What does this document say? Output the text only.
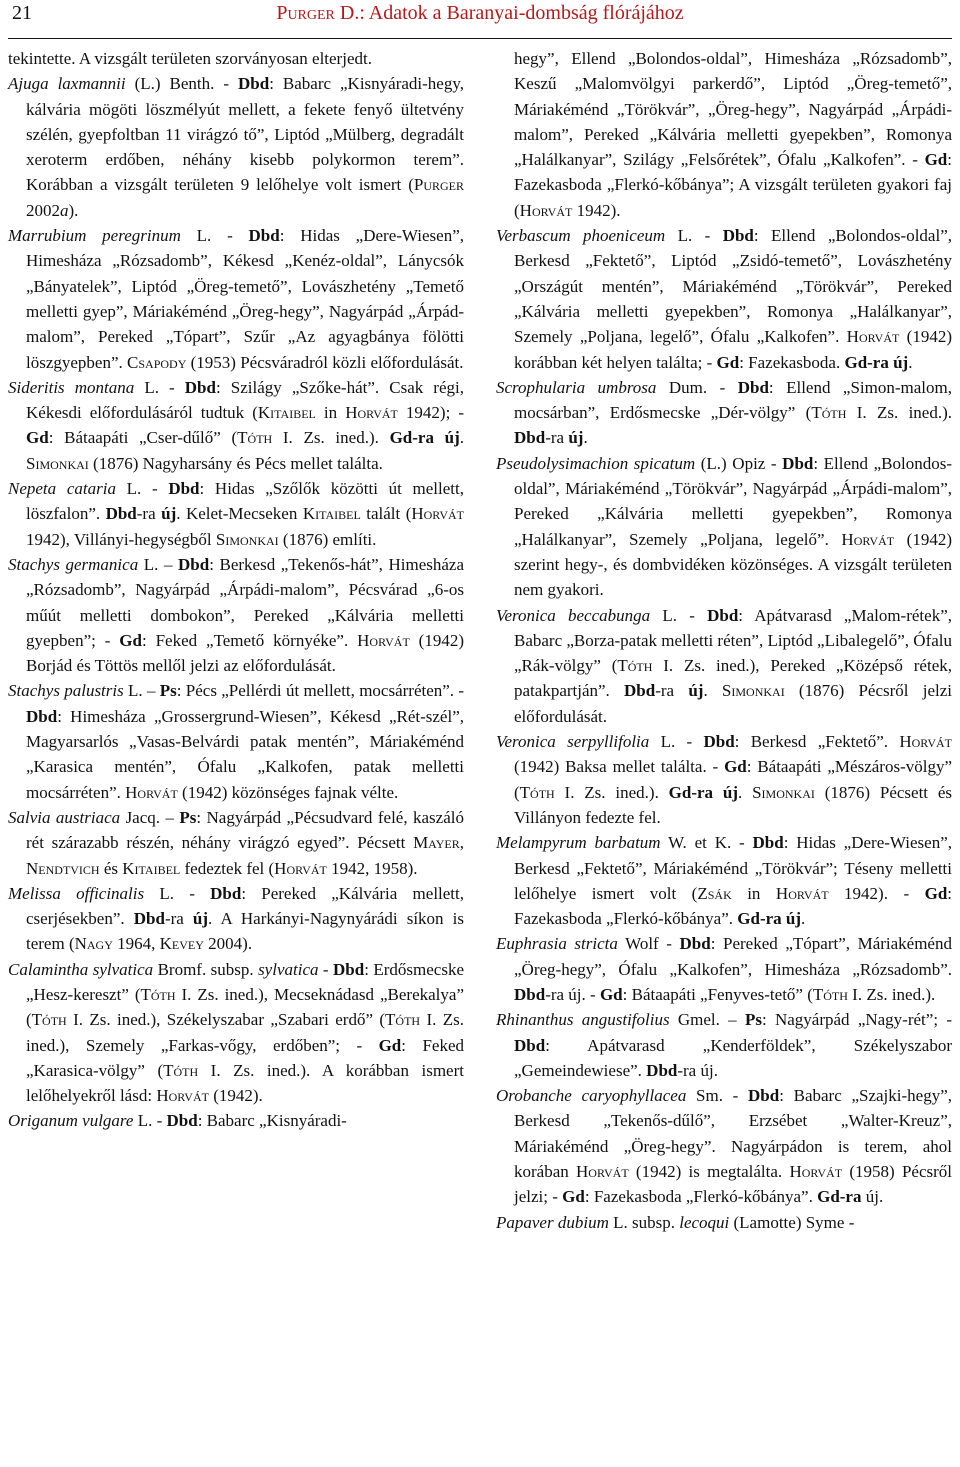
21	Purger D.: Adatok a Baranyai-dombság flórájához

tekintette. A vizsgált területen szorványosan elterjedt.

Ajuga laxmannii (L.) Benth. - Dbd: Babarc „Kisnyáradi-hegy, kálvária mögöti löszmélyút mellett, a fekete fenyő ültetvény szélén, gyepfoltban 11 virágzó tő”, Liptód „Mülberg, degradált xeroterm erdőben, néhány kisebb polykormon terem”. Korábban a vizsgált területen 9 lelőhelye volt ismert (Purger 2002a).

Marrubium peregrinum L. - Dbd: Hidas „Dere-Wiesen”, Himesháza „Rózsadomb”, Kékesd „Kenéz-oldal”, Lánycsók „Bányatelek”, Liptód „Öreg-temető”, Lovászhetény „Temető melletti gyep”, Máriakéménd „Öreg-hegy”, Nagyárpád „Árpád-malom”, Pereked „Tópart”, Szűr „Az agyagbánya fölötti löszgyepben”. Csapody (1953) Pécsváradról közli előfordulását.

Sideritis montana L. - Dbd: Szilágy „Szőke-hát”. Csak régi, Kékesdi előfordulásáról tudtuk (Kitaibel in Horvát 1942); - Gd: Bátaapáti „Cser-dűlő” (Tóth I. Zs. ined.). Gd-ra új. Simonkai (1876) Nagyharsány és Pécs mellet találta.

Nepeta cataria L. - Dbd: Hidas „Szőlők közötti út mellett, löszfalon”. Dbd-ra új. Kelet-Mecseken Kitaibel talált (Horvát 1942), Villányi-hegységből Simonkai (1876) említi.

Stachys germanica L. – Dbd: Berkesd „Tekenős-hát”, Himesháza „Rózsadomb”, Nagyárpád „Árpádi-malom”, Pécsvárad „6-os műút melletti dombokon”, Pereked „Kálvária melletti gyepben”; - Gd: Feked „Temető környéke”. Horvát (1942) Borjád és Töttös mellől jelzi az előfordulását.

Stachys palustris L. – Ps: Pécs „Pellérdi út mellett, mocsárréten”. - Dbd: Himesháza „Grossergrund-Wiesen”, Kékesd „Rét-szél”, Magyarsarlós „Vasas-Belvárdi patak mentén”, Máriakéménd „Karasica mentén”, Ófalu „Kalkofen, patak melletti mocsárréten”. Horvát (1942) közönséges fajnak vélte.

Salvia austriaca Jacq. – Ps: Nagyárpád „Pécsudvard felé, kaszáló rét szárazabb részén, néhány virágzó egyed”. Pécsett Mayer, Nendtvich és Kitaibel fedeztek fel (Horvát 1942, 1958).

Melissa officinalis L. - Dbd: Pereked „Kálvária mellett, cserjésekben”. Dbd-ra új. A Harkányi-Nagynyárádi síkon is terem (Nagy 1964, Kevey 2004).

Calamintha sylvatica Bromf. subsp. sylvatica - Dbd: Erdősmecske „Hesz-kereszt” (Tóth I. Zs. ined.), Mecseknádasd „Berekalya” (Tóth I. Zs. ined.), Székelyszabar „Szabari erdő” (Tóth I. Zs. ined.), Szemely „Farkas-vőgy, erdőben”; - Gd: Feked „Karasica-völgy” (Tóth I. Zs. ined.). A korábban ismert lelőhelyekről lásd: Horvát (1942).

Origanum vulgare L. - Dbd: Babarc „Kisnyáradi-

hegy”, Ellend „Bolondos-oldal”, Himesháza „Rózsadomb”, Keszű „Malomvölgyi parkerdő”, Liptód „Öreg-temető”, Máriakéménd „Törökvár”, „Öreg-hegy”, Nagyárpád „Árpádi-malom”, Pereked „Kálvária melletti gyepekben”, Romonya „Halálkanyar”, Szilágy „Felsőrétek”, Ófalu „Kalkofen”. - Gd: Fazekasboda „Flerkó-kőbánya”; A vizsgált területen gyakori faj (Horvát 1942).

Verbascum phoeniceum L. - Dbd: Ellend „Bolondos-oldal”, Berkesd „Fektető”, Liptód „Zsidó-temető”, Lovászhetény „Országút mentén”, Máriakéménd „Törökvár”, Pereked „Kálvária melletti gyepekben”, Romonya „Halálkanyar”, Szemely „Poljana, legelő”, Ófalu „Kalkofen”. Horvát (1942) korábban két helyen találta; - Gd: Fazekasboda. Gd-ra új.

Scrophularia umbrosa Dum. - Dbd: Ellend „Simon-malom, mocsárban”, Erdősmecske „Dér-völgy” (Tóth I. Zs. ined.). Dbd-ra új.

Pseudolysimachion spicatum (L.) Opiz - Dbd: Ellend „Bolondos-oldal”, Máriakéménd „Törökvár”, Nagyárpád „Árpádi-malom”, Pereked „Kálvária melletti gyepekben”, Romonya „Halálkanyar”, Szemely „Poljana, legelő”. Horvát (1942) szerint hegy-, és dombvidéken közönséges. A vizsgált területen nem gyakori.

Veronica beccabunga L. - Dbd: Apátvarasd „Malom-rétek”, Babarc „Borza-patak melletti réten”, Liptód „Libalegelő”, Ófalu „Rák-völgy” (Tóth I. Zs. ined.), Pereked „Középső rétek, patakpartján”. Dbd-ra új. Simonkai (1876) Pécsről jelzi előfordulását.

Veronica serpyllifolia L. - Dbd: Berkesd „Fektető”. Horvát (1942) Baksa mellet találta. - Gd: Bátaapáti „Mészáros-völgy” (Tóth I. Zs. ined.). Gd-ra új. Simonkai (1876) Pécsett és Villányon fedezte fel.

Melampyrum barbatum W. et K. - Dbd: Hidas „Dere-Wiesen”, Berkesd „Fektető”, Máriakéménd „Törökvár”; Téseny melletti lelőhelye ismert volt (Zsák in Horvát 1942). - Gd: Fazekasboda „Flerkó-kőbánya”. Gd-ra új.

Euphrasia stricta Wolf - Dbd: Pereked „Tópart”, Máriakéménd „Öreg-hegy”, Ófalu „Kalkofen”, Himesháza „Rózsadomb”. Dbd-ra új. - Gd: Bátaapáti „Fenyves-tető” (Tóth I. Zs. ined.).

Rhinanthus angustifolius Gmel. – Ps: Nagyárpád „Nagy-rét”; - Dbd: Apátvarasd „Kenderföldek”, Székelyszabor „Gemeindewiese”. Dbd-ra új.

Orobanche caryophyllacea Sm. - Dbd: Babarc „Szajki-hegy”, Berkesd „Tekenős-dűlő”, Erzsébet „Walter-Kreuz”, Máriakéménd „Öreg-hegy”. Nagyárpádon is terem, ahol korában Horvát (1942) is megtalálta. Horvát (1958) Pécsről jelzi; - Gd: Fazekasboda „Flerkó-kőbánya”. Gd-ra új.

Papaver dubium L. subsp. lecoqui (Lamotte) Syme -
